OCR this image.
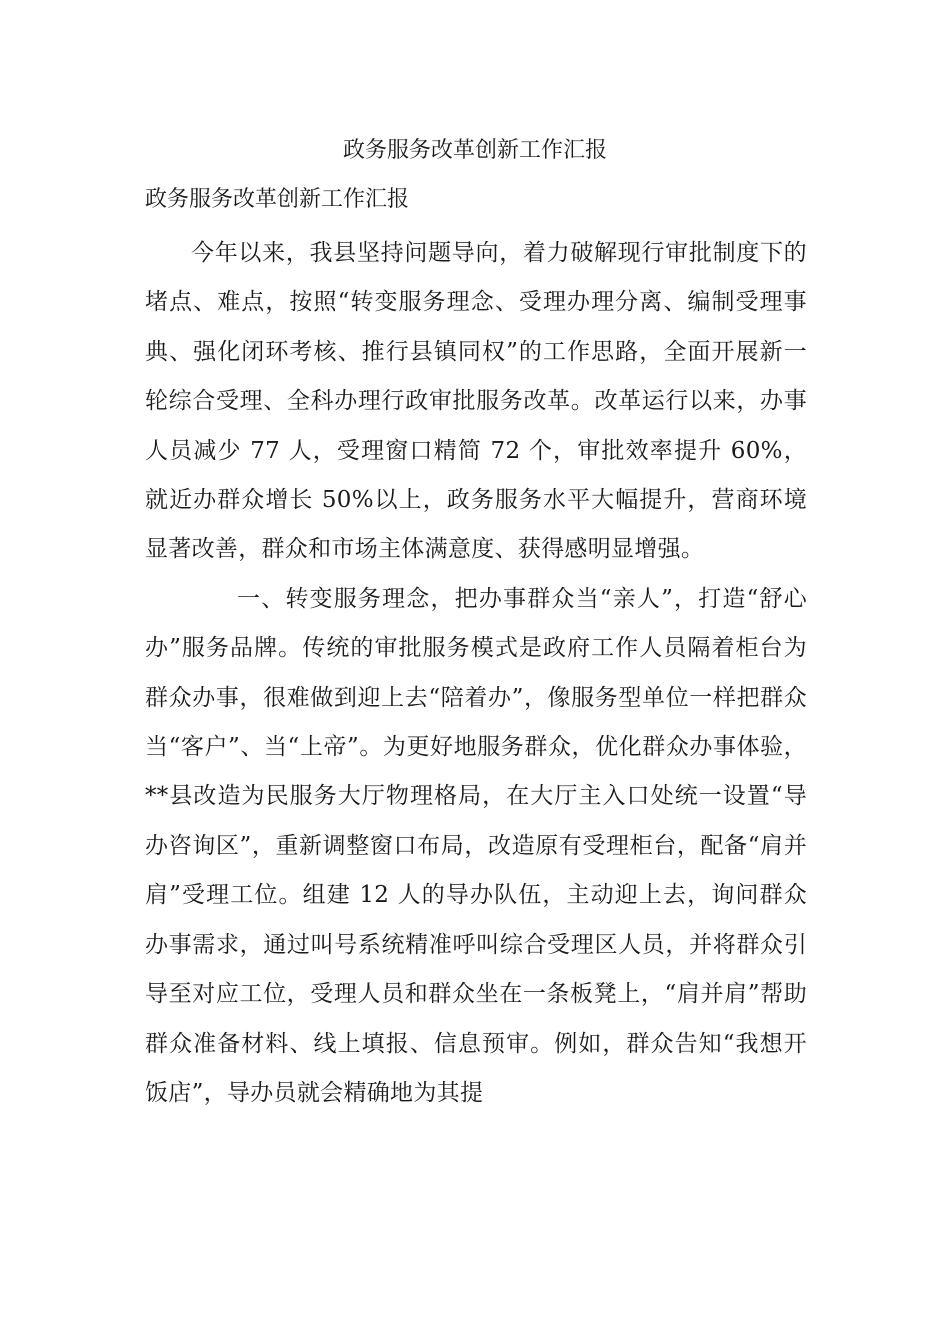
政务服务改革创新工作汇报
政务服务改革创新工作汇报

今年以来，我县坚持问题导向，着力破解现行审批制度下的堵点、难点，按照“转变服务理念、受理办理分离、编制受理事典、强化闭环考核、推行县镇同权”的工作思路，全面开展新一轮综合受理、全科办理行政审批服务改革。改革运行以来，办事人员减少 77 人，受理窗口精简 72 个，审批效率提升 60%，就近办群众增长 50%以上，政务服务水平大幅提升，营商环境显著改善，群众和市场主体满意度、获得感明显增强。

一、转变服务理念，把办事群众当“亲人”，打造“舒心办”服务品牌。传统的审批服务模式是政府工作人员隔着柜台为群众办事，很难做到迎上去“陪着办”，像服务型单位一样把群众当“客户”、当“上帝”。为更好地服务群众，优化群众办事体验，**县改造为民服务大厅物理格局，在大厅主入口处统一设置“导办咨询区”，重新调整窗口布局，改造原有受理柜台，配备“肩并肩”受理工位。组建 12 人的导办队伍，主动迎上去，询问群众办事需求，通过叫号系统精准呼叫综合受理区人员，并将群众引导至对应工位，受理人员和群众坐在一条板凳上，“肩并肩”帮助群众准备材料、线上填报、信息预审。例如，群众告知“我想开饭店”，导办员就会精确地为其提
